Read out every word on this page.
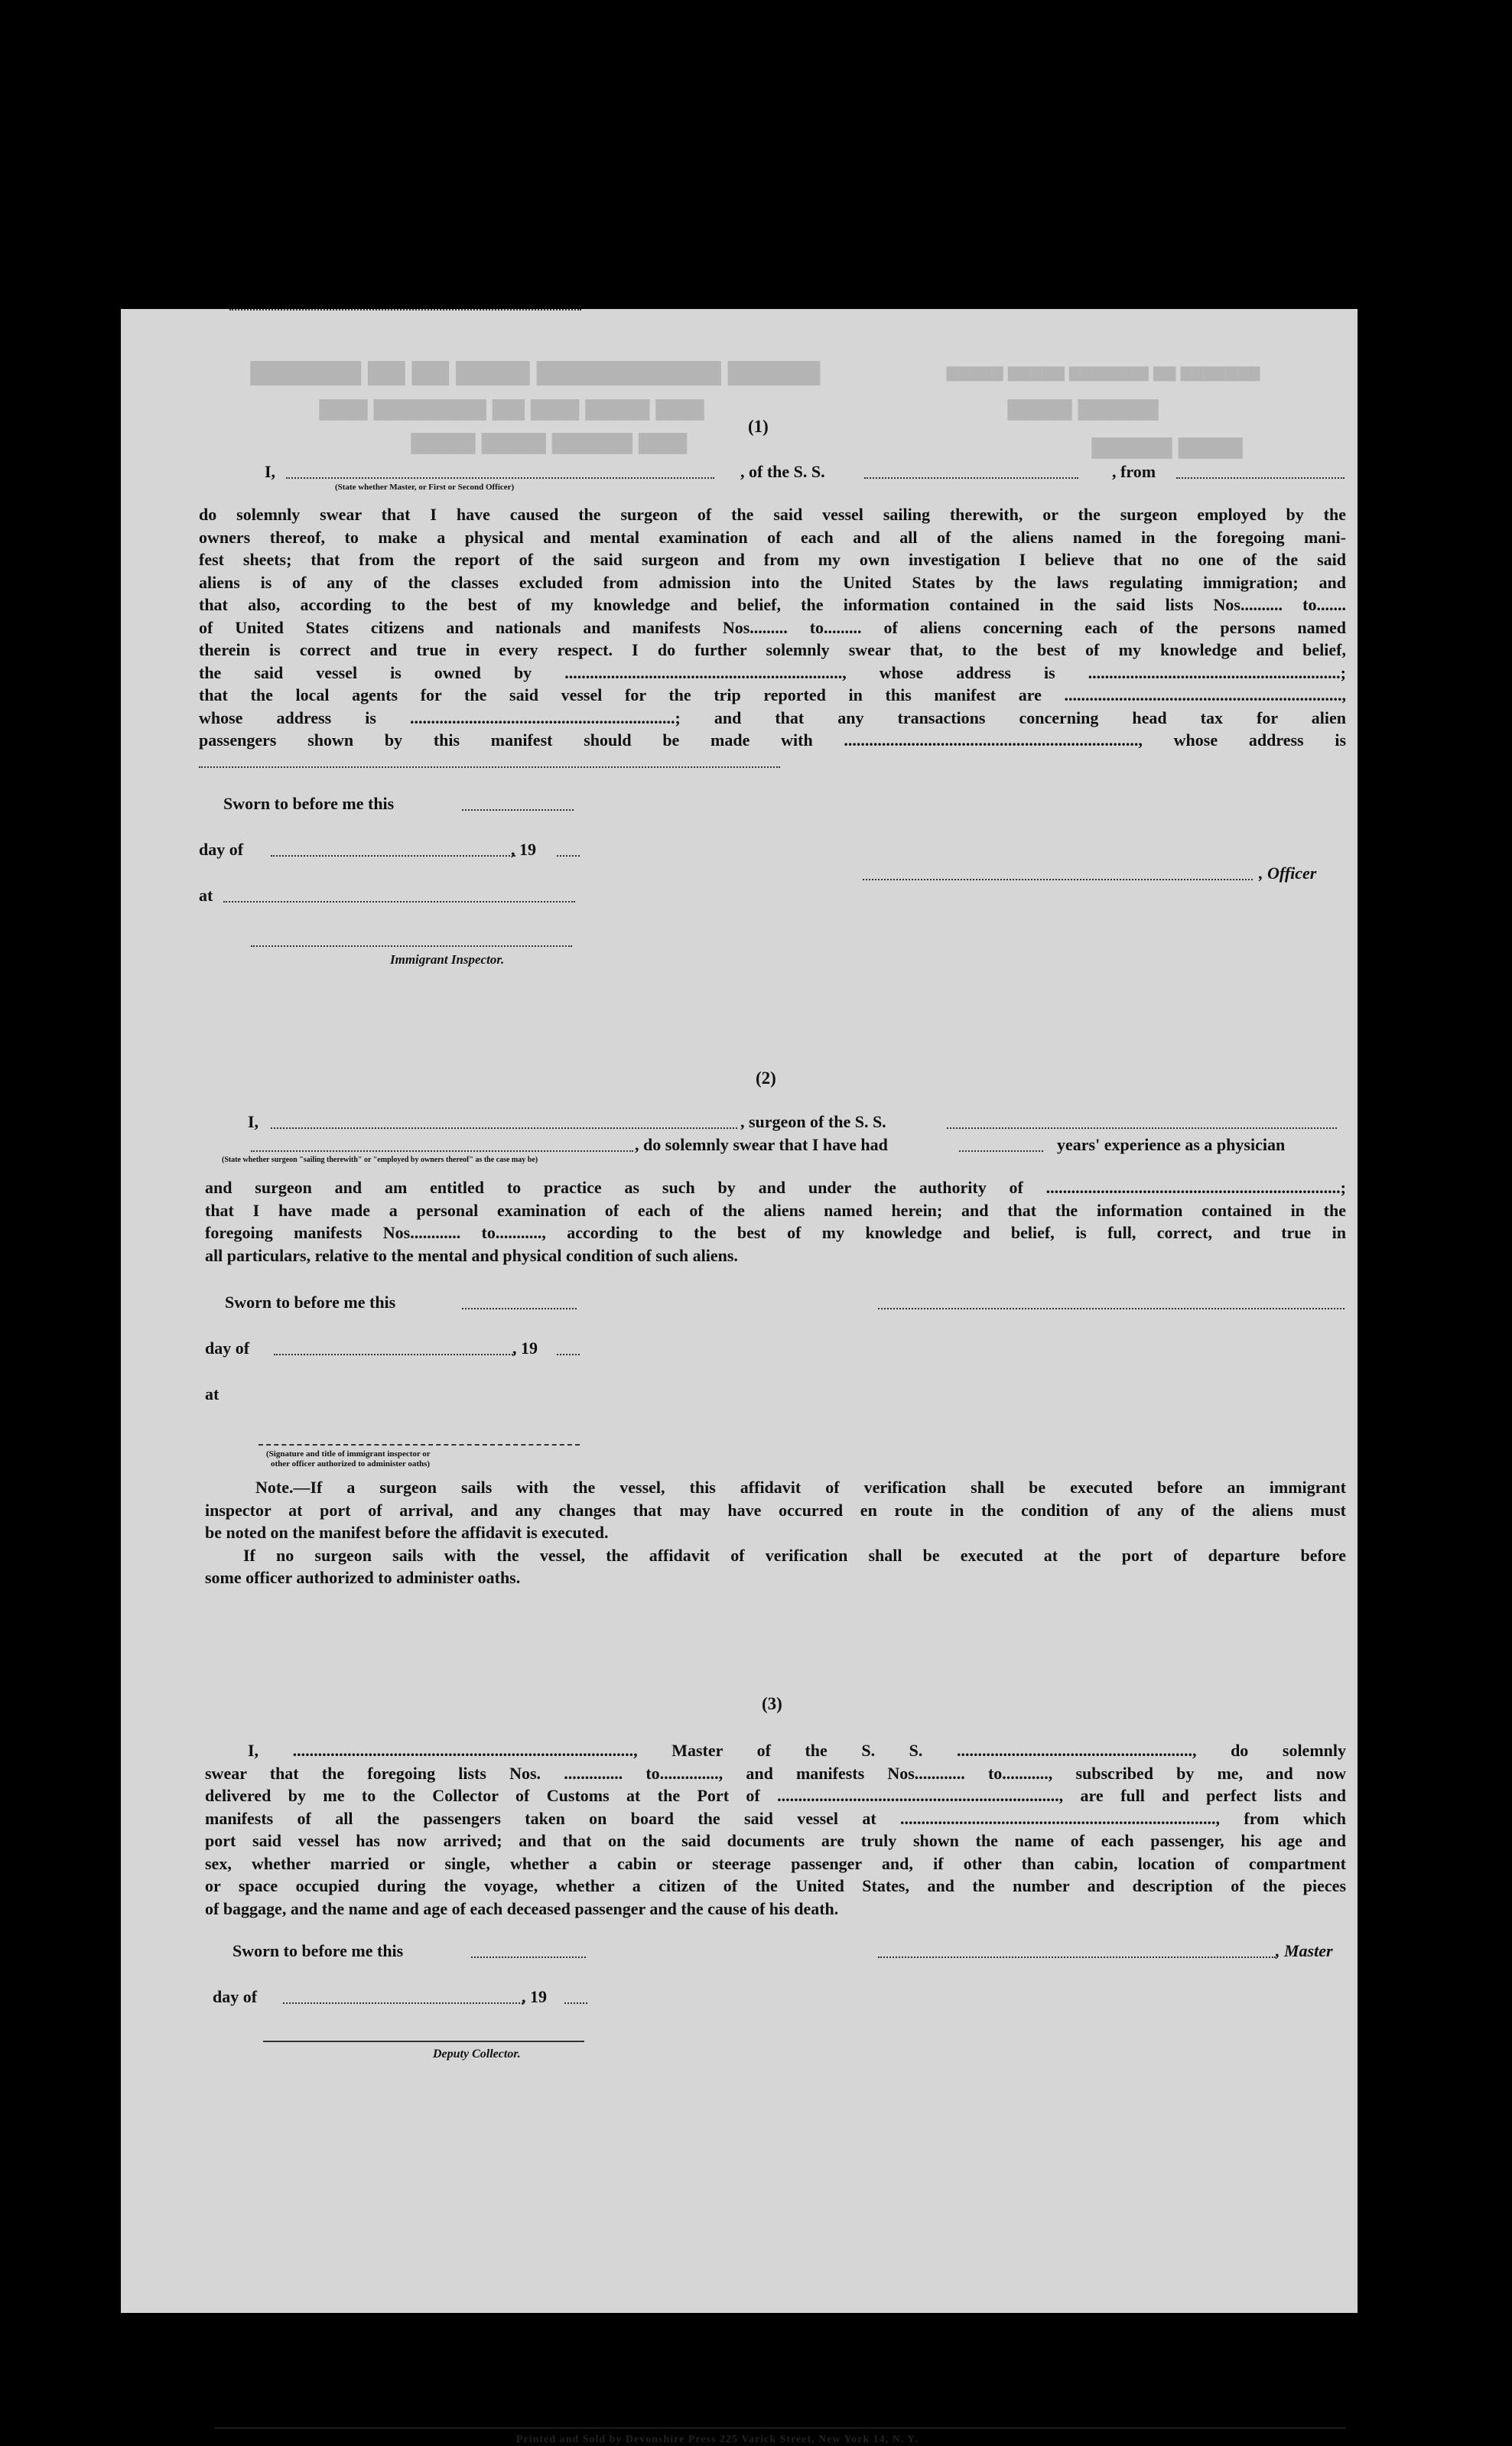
▇▇▇▇▇▇ ▇▇ ▇▇ ▇▇▇▇ ▇▇▇▇▇▇▇▇▇▇ ▇▇▇▇▇
▇▇▇ ▇▇▇▇▇▇▇ ▇▇ ▇▇▇ ▇▇▇▇ ▇▇▇
▇▇▇▇ ▇▇▇▇ ▇▇▇▇▇ ▇▇▇
▇▇▇▇▇ ▇▇▇▇▇ ▇▇▇▇▇▇▇ ▇▇ ▇▇▇▇▇▇▇
▇▇▇▇ ▇▇▇▇▇
▇▇▇▇▇ ▇▇▇▇
(1)
I,	, of the S. S.	, from
(State whether Master, or First or Second Officer)
do solemnly swear that I have caused the surgeon of the said vessel sailing therewith, or the surgeon employed by the
owners thereof, to make a physical and mental examination of each and all of the aliens named in the foregoing mani-
fest sheets; that from the report of the said surgeon and from my own investigation I believe that no one of the said
aliens is of any of the classes excluded from admission into the United States by the laws regulating immigration; and
that also, according to the best of my knowledge and belief, the information contained in the said lists Nos.......... to.......
of United States citizens and nationals and manifests Nos......... to......... of aliens concerning each of the persons named
therein is correct and true in every respect. I do further solemnly swear that, to the best of my knowledge and belief,
the said vessel is owned by .................................................................., whose address is ............................................................;
that the local agents for the said vessel for the trip reported in this manifest are ..................................................................,
whose address is ...............................................................; and that any transactions concerning head tax for alien
passengers shown by this manifest should be made with ......................................................................, whose address is
Sworn to before me this
day of	, 19
, Officer
at
Immigrant Inspector.
(2)
I,	, surgeon of the S. S.
, do solemnly swear that I have had	years' experience as a physician
(State whether surgeon "sailing therewith" or "employed by owners thereof" as the case may be)
and surgeon and am entitled to practice as such by and under the authority of ......................................................................;
that I have made a personal examination of each of the aliens named herein; and that the information contained in the
foregoing manifests Nos............ to..........., according to the best of my knowledge and belief, is full, correct, and true in
all particulars, relative to the mental and physical condition of such aliens.
Sworn to before me this
day of	, 19
at
(Signature and title of immigrant inspector or
other officer authorized to administer oaths)
Note.—If a surgeon sails with the vessel, this affidavit of verification shall be executed before an immigrant
inspector at port of arrival, and any changes that may have occurred en route in the condition of any of the aliens must
be noted on the manifest before the affidavit is executed.
If no surgeon sails with the vessel, the affidavit of verification shall be executed at the port of departure before
some officer authorized to administer oaths.
(3)
I, ................................................................................., Master of the S. S. ........................................................, do solemnly
swear that the foregoing lists Nos. .............. to.............., and manifests Nos............ to..........., subscribed by me, and now
delivered by me to the Collector of Customs at the Port of ..................................................................., are full and perfect lists and
manifests of all the passengers taken on board the said vessel at ..........................................................................., from which
port said vessel has now arrived; and that on the said documents are truly shown the name of each passenger, his age and
sex, whether married or single, whether a cabin or steerage passenger and, if other than cabin, location of compartment
or space occupied during the voyage, whether a citizen of the United States, and the number and description of the pieces
of baggage, and the name and age of each deceased passenger and the cause of his death.
Sworn to before me this	, Master
day of	, 19
Deputy Collector.
Printed and Sold by Devonshire Press 225 Varick Street, New York 14, N. Y.
NEW YORK AUG 24 1953 QUEEN ELIZ.
